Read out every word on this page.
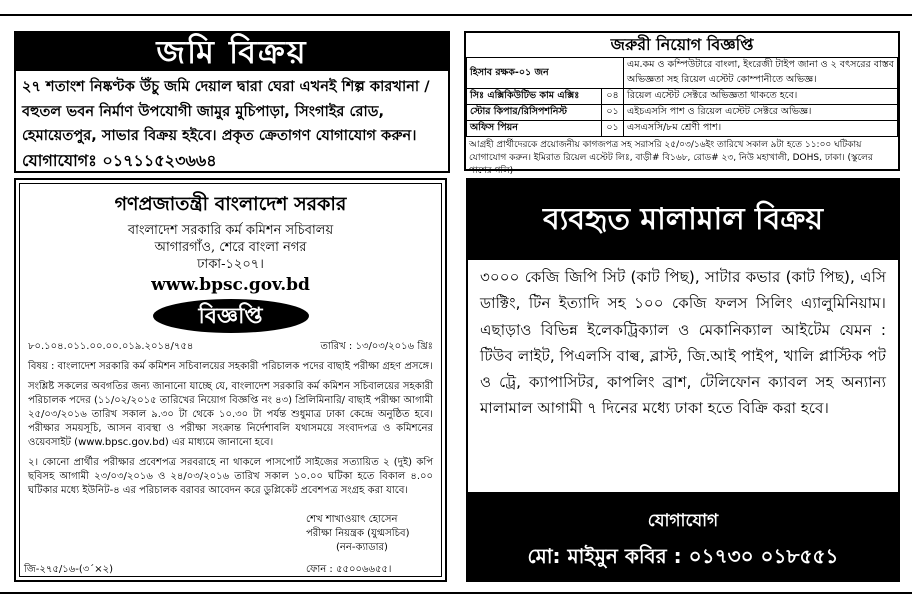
জমি বিক্রয়
২৭ শতাংশ নিষ্কণ্টক উঁচু জমি দেয়াল দ্বারা ঘেরা এখনই শিল্প কারখানা / বহুতল ভবন নির্মাণ উপযোগী জামুর মুচিপাড়া, সিংগাইর রোড, হেমায়েতপুর, সাভার বিক্রয় হইবে। প্রকৃত ক্রেতাগণ যোগাযোগ করুন। যোগাযোগঃ ০১৭১১৫২৩৬৬৪
জরুরী নিয়োগ বিজ্ঞপ্তি
হিসাব রক্ষক-০১ জন		এম.কম ও কম্পিউটারে বাংলা, ইংরেজী টাইপ জানা ও ২ বৎসরের বাস্তব অভিজ্ঞতা সহ রিয়েল এস্টেট কোম্পানীতে অভিজ্ঞ।
সিঃ এক্সিকিউটিভ কাম এক্সিঃ	০৪	রিয়েল এস্টেট সেক্টরে অভিজ্ঞতা থাকতে হবে।
স্টোর কিপার/রিসিপশনিস্ট	০১	এইচএসসি পাশ ও রিয়েল এস্টেট সেক্টরে অভিজ্ঞ।
অফিস পিয়ন	০১	এসএসসি/৮ম শ্রেণী পাশ।
আগ্রহী প্রার্থীদেরকে প্রয়োজনীয় কাগজপত্র সহ সরাসরি ২৫/০৩/১৬ইং তারিখে সকাল ৯টা হতে ১১:০০ ঘটিকায় যোগাযোগ করুন। ইমিরাত রিয়েল এস্টেট লিঃ, বাড়ী# বি১৬৮, রোড# ২৩, নিউ মহাখালী, DOHS, ঢাকা। (স্কুলের পাশের গলি)
গণপ্রজাতন্ত্রী বাংলাদেশ সরকার
বাংলাদেশ সরকারি কর্ম কমিশন সচিবালয়
আগারগাঁও, শেরে বাংলা নগর
ঢাকা-১২০৭।
www.bpsc.gov.bd
বিজ্ঞপ্তি
৮০.১০৪.০১১.০০.০০.০১৯.২০১৪/৭৫৪	তারিখ : ১৩/০৩/২০১৬ খ্রিঃ
বিষয় : বাংলাদেশ সরকারি কর্ম কমিশন সচিবালয়ের সহকারী পরিচালক পদের বাছাই পরীক্ষা গ্রহণ প্রসঙ্গে।
সংশ্লিষ্ট সকলের অবগতির জন্য জানানো যাচ্ছে যে, বাংলাদেশ সরকারি কর্ম কমিশন সচিবালয়ের সহকারী পরিচালক পদের (১১/০২/২০১৫ তারিখের নিয়োগ বিজ্ঞপ্তি নং ৪৩) প্রিলিমিনারি/ বাছাই পরীক্ষা আগামী ২৫/০৩/২০১৬ তারিখ সকাল ৯.৩০ টা থেকে ১০.৩০ টা পর্যন্ত শুধুমাত্র ঢাকা কেন্দ্রে অনুষ্ঠিত হবে। পরীক্ষার সময়সূচি, আসন ব্যবস্থা ও পরীক্ষা সংক্রান্ত নির্দেশাবলি যথাসময়ে সংবাদপত্র ও কমিশনের ওয়েবসাইট (www.bpsc.gov.bd) এর মাধ্যমে জানানো হবে।
২। কোনো প্রার্থীর পরীক্ষার প্রবেশপত্র সরবরাহে না থাকলে পাসপোর্ট সাইজের সত্যায়িত ২ (দুই) কপি ছবিসহ আগামী ২৩/০৩/২০১৬ ও ২৪/০৩/২০১৬ তারিখ সকাল ১০.০০ ঘটিকা হতে বিকাল ৪.০০ ঘটিকার মধ্যে ইউনিট-৪ এর পরিচালক বরাবর আবেদন করে ডুপ্লিকেট প্রবেশপত্র সংগ্রহ করা যাবে।
শেখ শাখাওয়াৎ হোসেন
পরীক্ষা নিয়ন্ত্রক (যুগ্মসচিব)
(নন-ক্যাডার)
জি-২৭৫/১৬-(৩´×২)	ফোন : ৫৫০০৬৬৫৫।
ব্যবহৃত মালামাল বিক্রয়
৩০০০ কেজি জিপি সিট (কাট পিছ), সাটার কভার (কাট পিছ), এসি ডাক্টিং, টিন ইত্যাদি সহ ১০০ কেজি ফলস সিলিং এ্যালুমিনিয়াম। এছাড়াও বিভিন্ন ইলেকট্রিক্যাল ও মেকানিক্যাল আইটেম যেমন : টিউব লাইট, পিএলসি বাল্ব, ব্লাস্ট, জি.আই পাইপ, খালি প্লাস্টিক পট ও ট্রে, ক্যাপাসিটর, কাপলিং ব্রাশ, টেলিফোন ক্যাবল সহ অন্যান্য মালামাল আগামী ৭ দিনের মধ্যে ঢাকা হতে বিক্রি করা হবে।
যোগাযোগ
মো: মাইমুন কবির : ০১৭৩০ ০১৮৫৫১
